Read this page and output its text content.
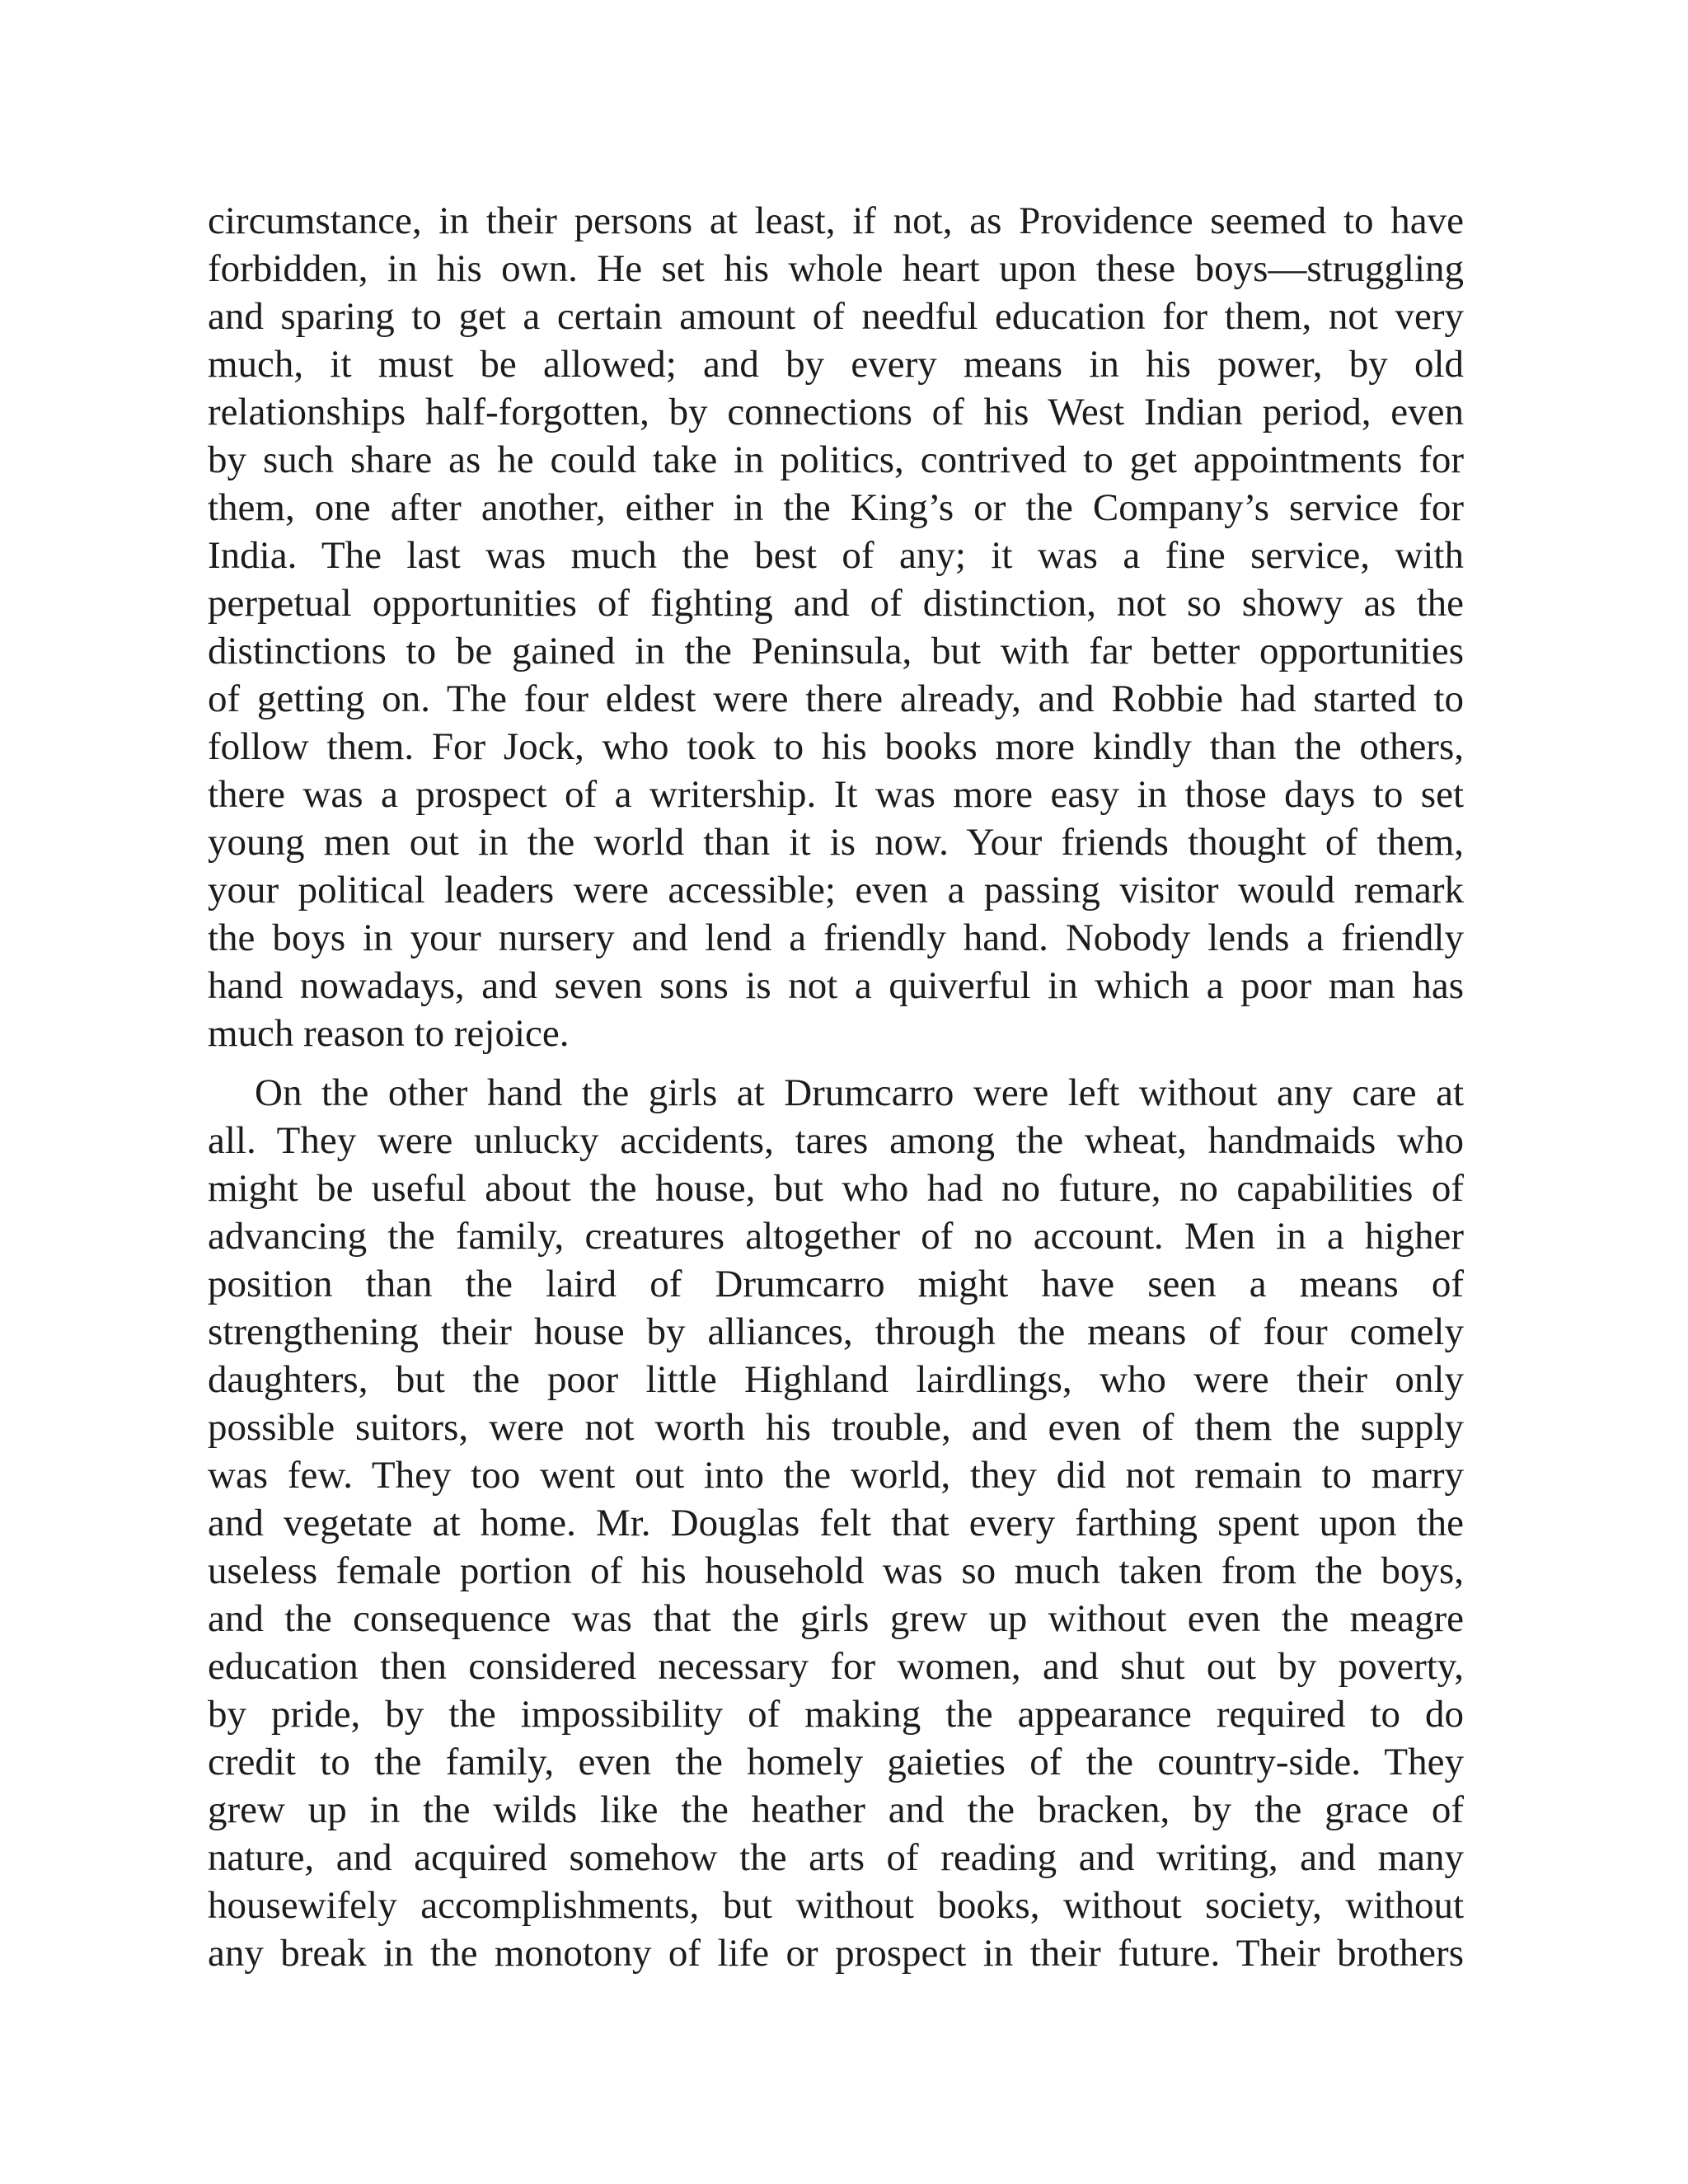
circumstance, in their persons at least, if not, as Providence seemed to have
forbidden, in his own. He set his whole heart upon these boys—struggling
and sparing to get a certain amount of needful education for them, not very
much, it must be allowed; and by every means in his power, by old
relationships half-forgotten, by connections of his West Indian period, even
by such share as he could take in politics, contrived to get appointments for
them, one after another, either in the King’s or the Company’s service for
India. The last was much the best of any; it was a fine service, with
perpetual opportunities of fighting and of distinction, not so showy as the
distinctions to be gained in the Peninsula, but with far better opportunities
of getting on. The four eldest were there already, and Robbie had started to
follow them. For Jock, who took to his books more kindly than the others,
there was a prospect of a writership. It was more easy in those days to set
young men out in the world than it is now. Your friends thought of them,
your political leaders were accessible; even a passing visitor would remark
the boys in your nursery and lend a friendly hand. Nobody lends a friendly
hand nowadays, and seven sons is not a quiverful in which a poor man has
much reason to rejoice.
On the other hand the girls at Drumcarro were left without any care at
all. They were unlucky accidents, tares among the wheat, handmaids who
might be useful about the house, but who had no future, no capabilities of
advancing the family, creatures altogether of no account. Men in a higher
position than the laird of Drumcarro might have seen a means of
strengthening their house by alliances, through the means of four comely
daughters, but the poor little Highland lairdlings, who were their only
possible suitors, were not worth his trouble, and even of them the supply
was few. They too went out into the world, they did not remain to marry
and vegetate at home. Mr. Douglas felt that every farthing spent upon the
useless female portion of his household was so much taken from the boys,
and the consequence was that the girls grew up without even the meagre
education then considered necessary for women, and shut out by poverty,
by pride, by the impossibility of making the appearance required to do
credit to the family, even the homely gaieties of the country-side. They
grew up in the wilds like the heather and the bracken, by the grace of
nature, and acquired somehow the arts of reading and writing, and many
housewifely accomplishments, but without books, without society, without
any break in the monotony of life or prospect in their future. Their brothers
